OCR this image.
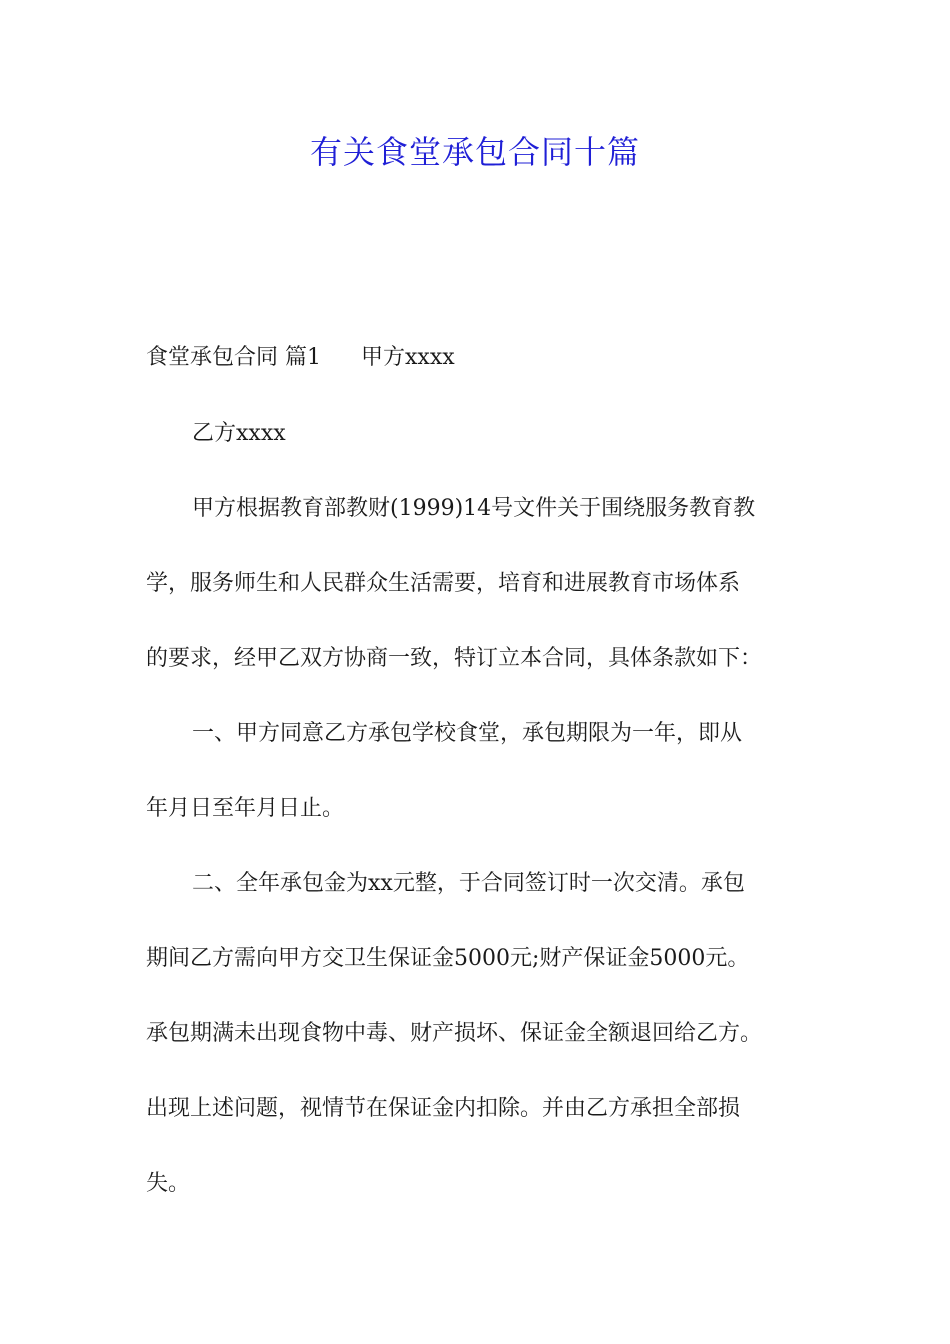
有关食堂承包合同十篇
食堂承包合同 篇1 甲方xxxx
乙方xxxx
甲方根据教育部教财(1999)14号文件关于围绕服务教育教
学，服务师生和人民群众生活需要，培育和进展教育市场体系
的要求，经甲乙双方协商一致，特订立本合同，具体条款如下：
一、甲方同意乙方承包学校食堂，承包期限为一年，即从
年月日至年月日止。
二、全年承包金为xx元整，于合同签订时一次交清。承包
期间乙方需向甲方交卫生保证金5000元;财产保证金5000元。
承包期满未出现食物中毒、财产损坏、保证金全额退回给乙方。
出现上述问题，视情节在保证金内扣除。并由乙方承担全部损
失。
